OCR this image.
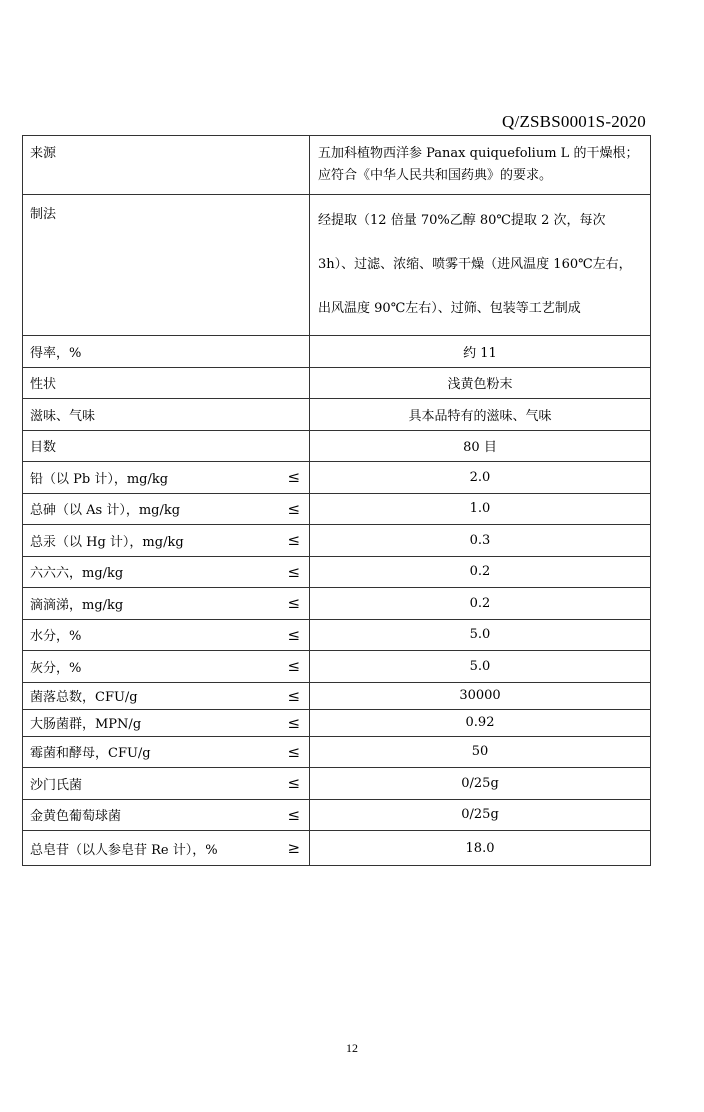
Q/ZSBS0001S-2020
来源		五加科植物西洋参 Panax quiquefolium L 的干燥根；应符合《中华人民共和国药典》的要求。
制法		经提取（12 倍量 70%乙醇 80℃提取 2 次，每次 3h）、过滤、浓缩、喷雾干燥（进风温度 160℃左右，出风温度 90℃左右）、过筛、包装等工艺制成
得率，%		约 11
性状		浅黄色粉末
滋味、气味		具本品特有的滋味、气味
目数		80 目
铅（以 Pb 计），mg/kg	≤	2.0
总砷（以 As 计），mg/kg	≤	1.0
总汞（以 Hg 计），mg/kg	≤	0.3
六六六，mg/kg	≤	0.2
滴滴涕，mg/kg	≤	0.2
水分，%	≤	5.0
灰分，%	≤	5.0
菌落总数，CFU/g	≤	30000
大肠菌群，MPN/g	≤	0.92
霉菌和酵母，CFU/g	≤	50
沙门氏菌	≤	0/25g
金黄色葡萄球菌	≤	0/25g
总皂苷（以人参皂苷 Re 计），%	≥	18.0
12
